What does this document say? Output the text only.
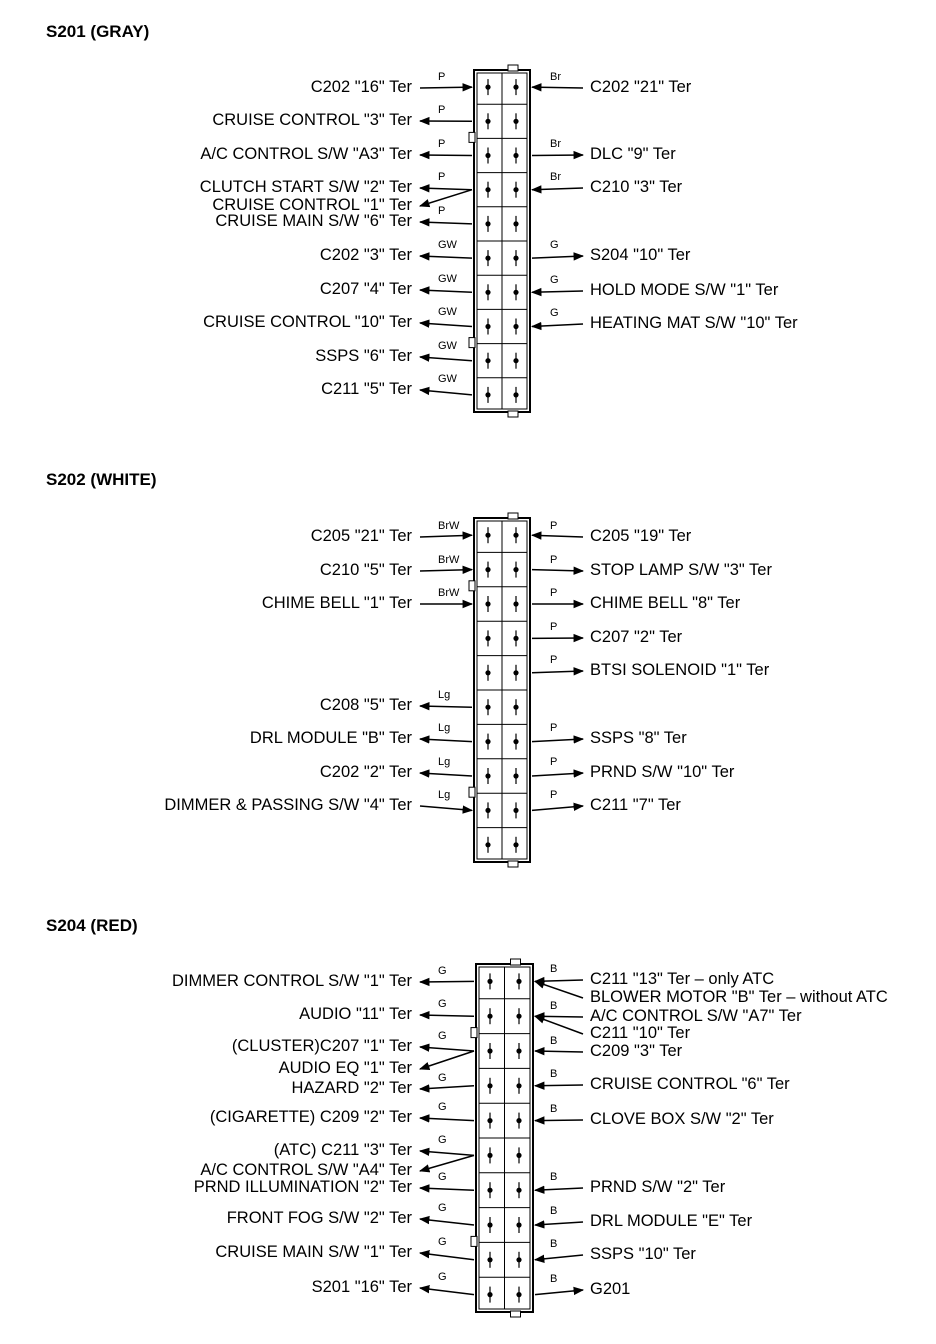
S201 (GRAY)
S202 (WHITE)
S204 (RED)
C202 "16" Ter
P
CRUISE CONTROL "3" Ter
P
A/C CONTROL S/W "A3" Ter
P
CLUTCH START S/W "2" Ter
P
CRUISE CONTROL "1" Ter
CRUISE MAIN S/W "6" Ter
P
C202 "3" Ter
GW
C207 "4" Ter
GW
CRUISE CONTROL "10" Ter
GW
SSPS "6" Ter
GW
C211 "5" Ter
GW
C202 "21" Ter
Br
DLC "9" Ter
Br
C210 "3" Ter
Br
S204 "10" Ter
G
HOLD MODE S/W "1" Ter
G
HEATING MAT S/W "10" Ter
G
C205 "21" Ter
BrW
C210 "5" Ter
BrW
CHIME BELL "1" Ter
BrW
C208 "5" Ter
Lg
DRL MODULE "B" Ter
Lg
C202 "2" Ter
Lg
DIMMER & PASSING S/W "4" Ter
Lg
C205 "19" Ter
P
STOP LAMP S/W "3" Ter
P
CHIME BELL "8" Ter
P
C207 "2" Ter
P
BTSI SOLENOID "1" Ter
P
SSPS "8" Ter
P
PRND S/W "10" Ter
P
C211 "7" Ter
P
DIMMER CONTROL S/W "1" Ter
G
AUDIO "11" Ter
G
(CLUSTER)C207 "1" Ter
G
AUDIO EQ "1" Ter
HAZARD "2" Ter
G
(CIGARETTE) C209 "2" Ter
G
(ATC) C211 "3" Ter
G
A/C CONTROL S/W "A4" Ter
PRND ILLUMINATION "2" Ter
G
FRONT FOG S/W "2" Ter
G
CRUISE MAIN S/W "1" Ter
G
S201 "16" Ter
G
C211 "13" Ter – only ATC
B
BLOWER MOTOR "B" Ter – without ATC
A/C CONTROL S/W "A7" Ter
B
C211 "10" Ter
C209 "3" Ter
B
CRUISE CONTROL "6" Ter
B
CLOVE BOX S/W "2" Ter
B
PRND S/W "2" Ter
B
DRL MODULE "E" Ter
B
SSPS "10" Ter
B
G201
B
